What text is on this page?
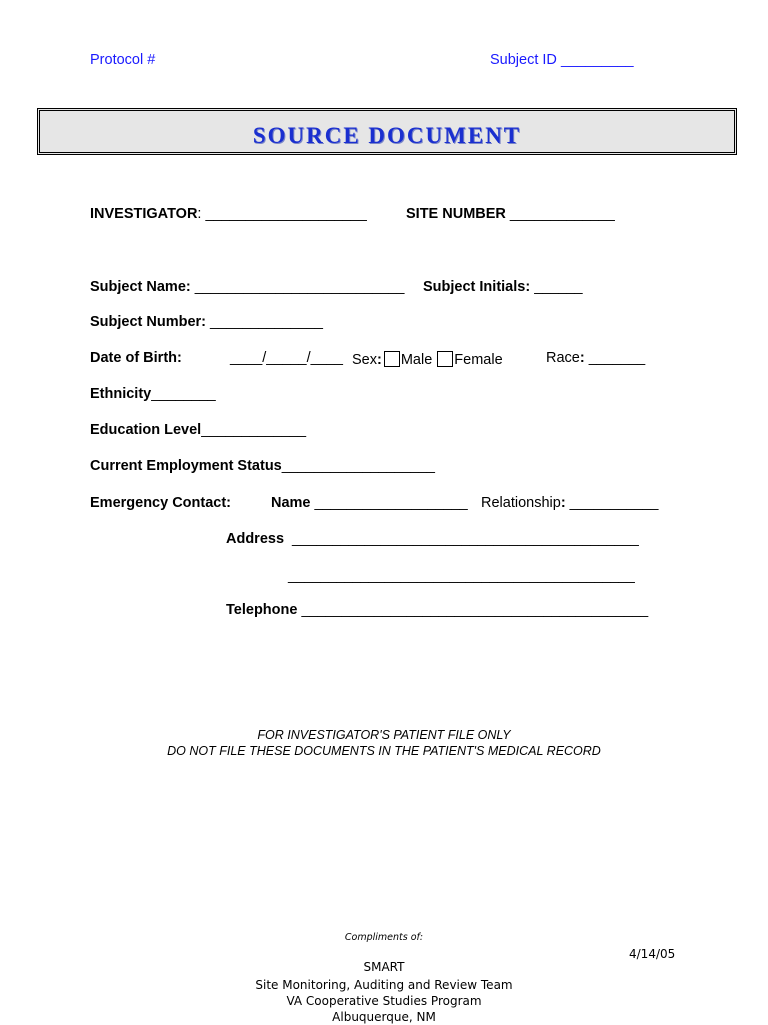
Protocol #	Subject ID _________
SOURCE DOCUMENT
INVESTIGATOR: ____________________	SITE NUMBER _____________
Subject Name: __________________________ Subject Initials: ______
Subject Number: ______________
Date of Birth:	____/_____/____ Sex: Male Female	Race: _______
Ethnicity________
Education Level_____________
Current Employment Status___________________
Emergency Contact:	Name ___________________ Relationship: ___________
Address ___________________________________________
___________________________________________
Telephone ___________________________________________
FOR INVESTIGATOR'S PATIENT FILE ONLY
DO NOT FILE THESE DOCUMENTS IN THE PATIENT'S MEDICAL RECORD
Compliments of:
4/14/05
SMART
Site Monitoring, Auditing and Review Team
VA Cooperative Studies Program
Albuquerque, NM
